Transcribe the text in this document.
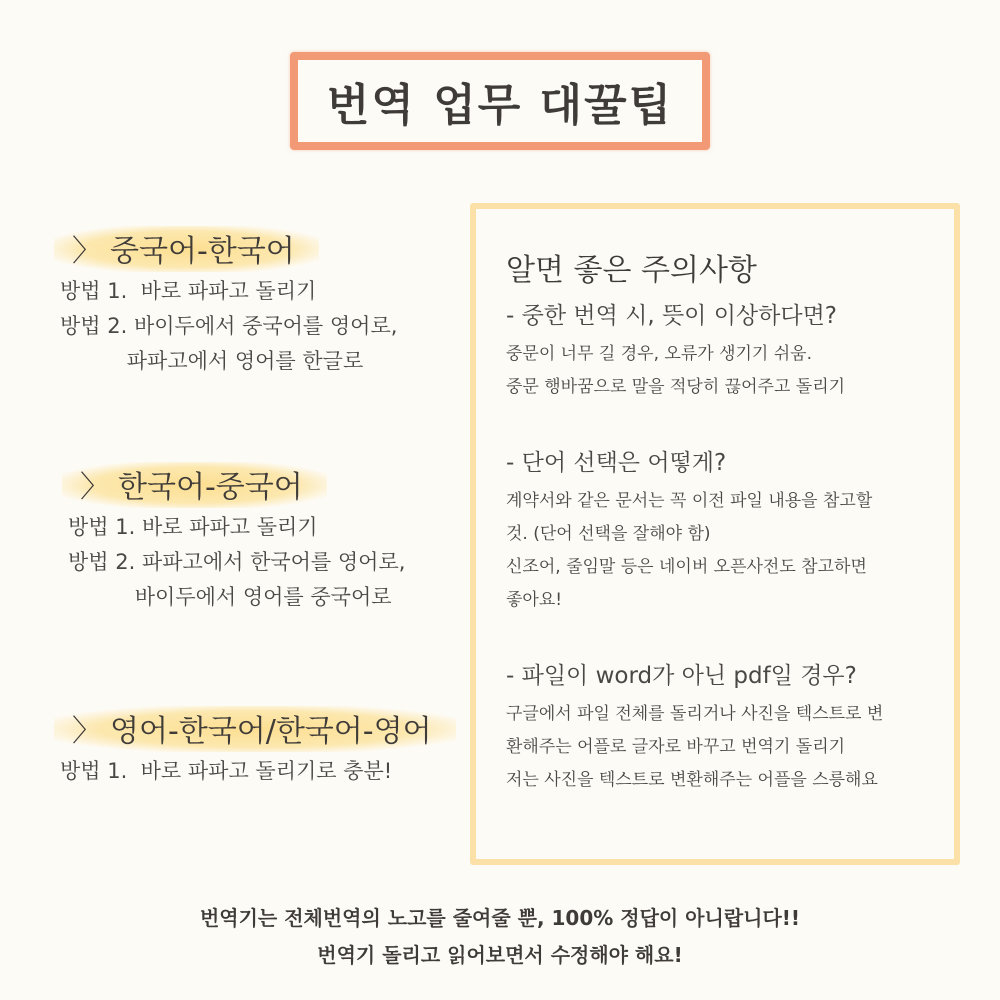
번역 업무 대꿀팁
〉 중국어-한국어
방법 1.  바로 파파고 돌리기
방법 2. 바이두에서 중국어를 영어로,
파파고에서 영어를 한글로
〉 한국어-중국어
방법 1. 바로 파파고 돌리기
방법 2. 파파고에서 한국어를 영어로,
바이두에서 영어를 중국어로
〉 영어-한국어/한국어-영어
방법 1.  바로 파파고 돌리기로 충분!
알면 좋은 주의사항
- 중한 번역 시, 뜻이 이상하다면?
중문이 너무 길 경우, 오류가 생기기 쉬움.
중문 행바꿈으로 말을 적당히 끊어주고 돌리기
- 단어 선택은 어떻게?
계약서와 같은 문서는 꼭 이전 파일 내용을 참고할
것. (단어 선택을 잘해야 함)
신조어, 줄임말 등은 네이버 오픈사전도 참고하면
좋아요!
- 파일이 word가 아닌 pdf일 경우?
구글에서 파일 전체를 돌리거나 사진을 텍스트로 변
환해주는 어플로 글자로 바꾸고 번역기 돌리기
저는 사진을 텍스트로 변환해주는 어플을 스릉해요
번역기는 전체번역의 노고를 줄여줄 뿐, 100% 정답이 아니랍니다!!
번역기 돌리고 읽어보면서 수정해야 해요!
